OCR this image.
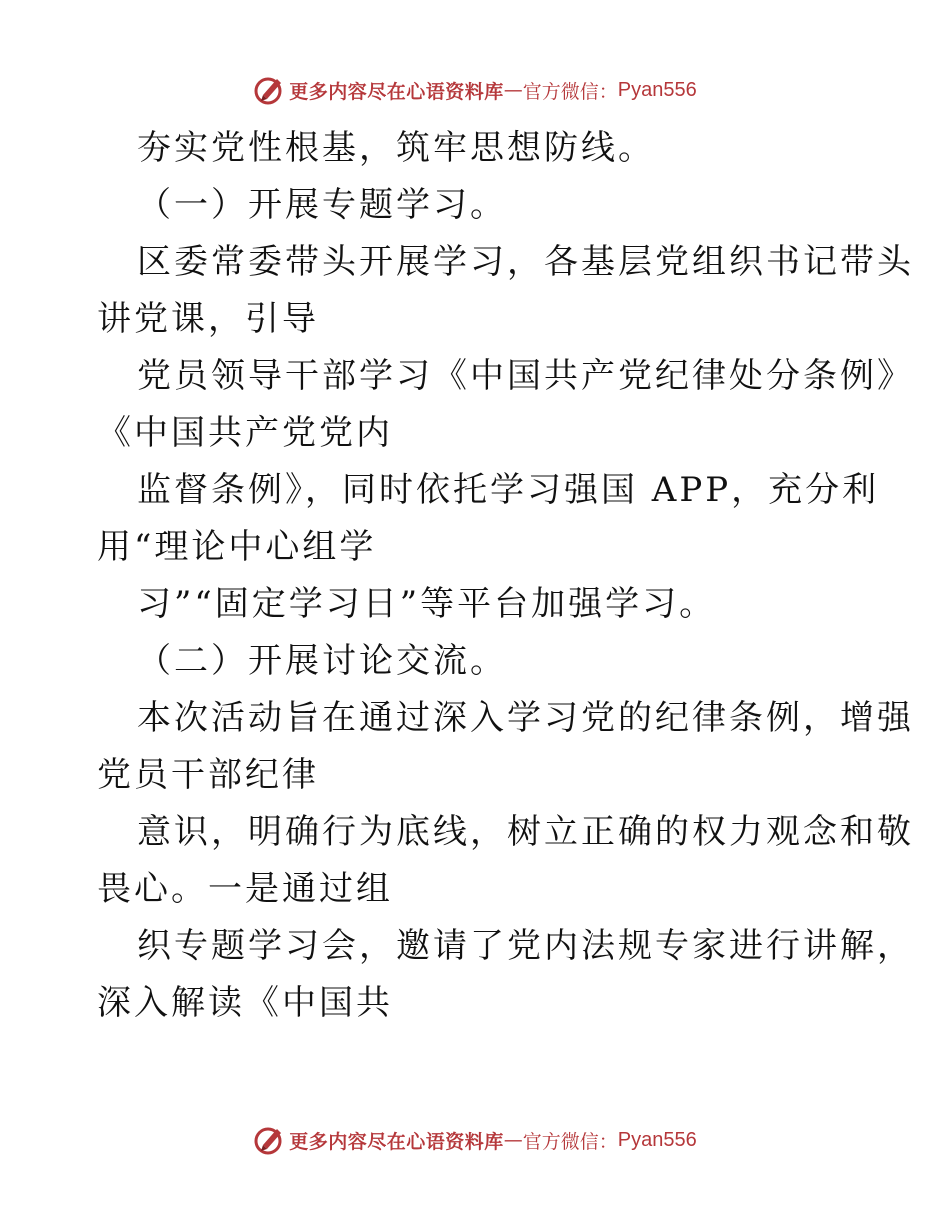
更多内容尽在心语资料库 — 官方微信： Pyan556
夯实党性根基，筑牢思想防线。
（一）开展专题学习。
区委常委带头开展学习，各基层党组织书记带头
讲党课，引导
党员领导干部学习《中国共产党纪律处分条例》
《中国共产党党内
监督条例》，同时依托学习强国 APP，充分利
用“理论中心组学
习”“固定学习日”等平台加强学习。
（二）开展讨论交流。
本次活动旨在通过深入学习党的纪律条例，增强
党员干部纪律
意识，明确行为底线，树立正确的权力观念和敬
畏心。一是通过组
织专题学习会，邀请了党内法规专家进行讲解，
深入解读《中国共
更多内容尽在心语资料库 — 官方微信： Pyan556
